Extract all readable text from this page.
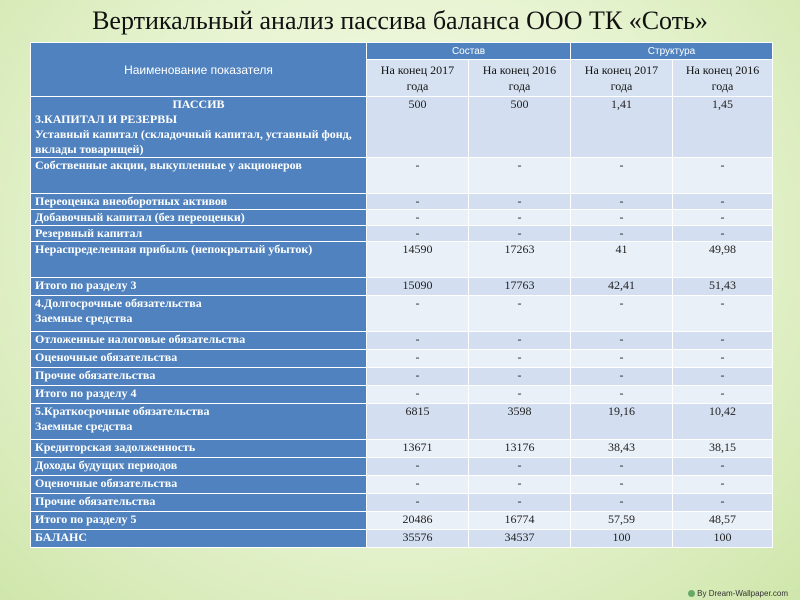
Вертикальный анализ пассива баланса ООО ТК «Соть»
Наименование показателя	Состав		Структура	
	На конец 2017 года	На конец 2016 года	На конец 2017 года	На конец 2016 года

ПАССИВ
3.КАПИТАЛ И РЕЗЕРВЫ
Уставный капитал (складочный капитал, уставный фонд, вклады товарищей)	500	500	1,41	1,45

Собственные акции, выкупленные у акционеров	-	-	-	-

Переоценка внеоборотных активов	-	-	-	-

Добавочный капитал (без переоценки)	-	-	-	-

Резервный капитал	-	-	-	-

Нераспределенная прибыль (непокрытый убыток)	14590	17263	41	49,98

Итого по разделу 3	15090	17763	42,41	51,43

4.Долгосрочные обязательства
Заемные средства	-	-	-	-

Отложенные налоговые обязательства	-	-	-	-

Оценочные обязательства	-	-	-	-

Прочие обязательства	-	-	-	-

Итого по разделу 4	-	-	-	-

5.Краткосрочные обязательства
Заемные средства	6815	3598	19,16	10,42

Кредиторская задолженность	13671	13176	38,43	38,15

Доходы будущих периодов	-	-	-	-

Оценочные обязательства	-	-	-	-

Прочие обязательства	-	-	-	-

Итого по разделу 5	20486	16774	57,59	48,57

БАЛАНС	35576	34537	100	100
By Dream-Wallpaper.com
